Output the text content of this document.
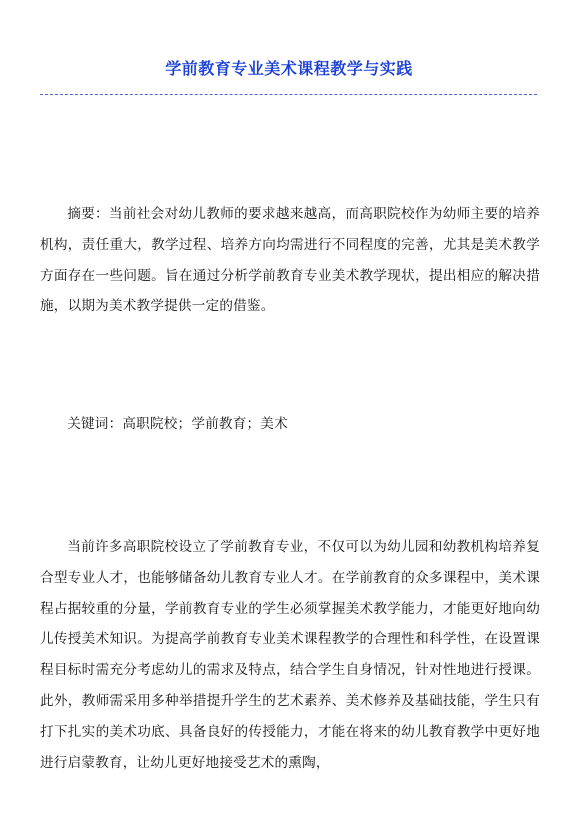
学前教育专业美术课程教学与实践
摘要：当前社会对幼儿教师的要求越来越高，而高职院校作为幼师主要的培养机构，责任重大，教学过程、培养方向均需进行不同程度的完善，尤其是美术教学方面存在一些问题。旨在通过分析学前教育专业美术教学现状，提出相应的解决措施，以期为美术教学提供一定的借鉴。
关键词：高职院校；学前教育；美术
当前许多高职院校设立了学前教育专业，不仅可以为幼儿园和幼教机构培养复合型专业人才，也能够储备幼儿教育专业人才。在学前教育的众多课程中，美术课程占据较重的分量，学前教育专业的学生必须掌握美术教学能力，才能更好地向幼儿传授美术知识。为提高学前教育专业美术课程教学的合理性和科学性，在设置课程目标时需充分考虑幼儿的需求及特点，结合学生自身情况，针对性地进行授课。此外，教师需采用多种举措提升学生的艺术素养、美术修养及基础技能，学生只有打下扎实的美术功底、具备良好的传授能力，才能在将来的幼儿教育教学中更好地进行启蒙教育，让幼儿更好地接受艺术的熏陶，
